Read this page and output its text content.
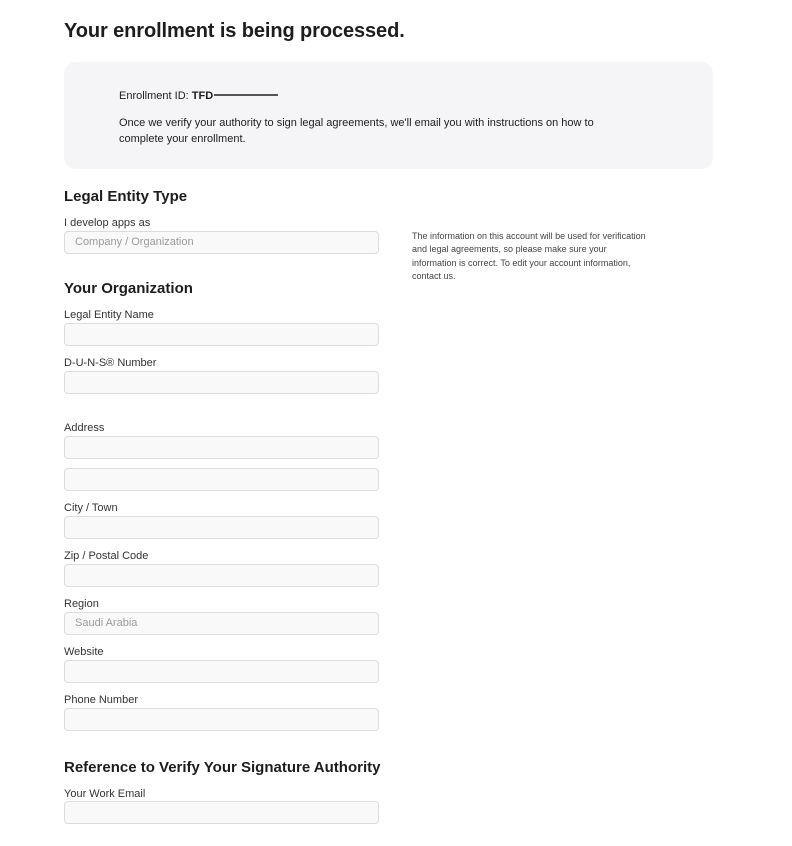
Your enrollment is being processed.
Enrollment ID: TFD
Once we verify your authority to sign legal agreements, we'll email you with instructions on how to complete your enrollment.
Legal Entity Type
I develop apps as
Company / Organization	The information on this account will be used for verification and legal agreements, so please make sure your information is correct. To edit your account information, contact us.
Your Organization
Legal Entity Name
D-U-N-S® Number
Address
City / Town
Zip / Postal Code
Region
Saudi Arabia
Website
Phone Number
Reference to Verify Your Signature Authority
Your Work Email
